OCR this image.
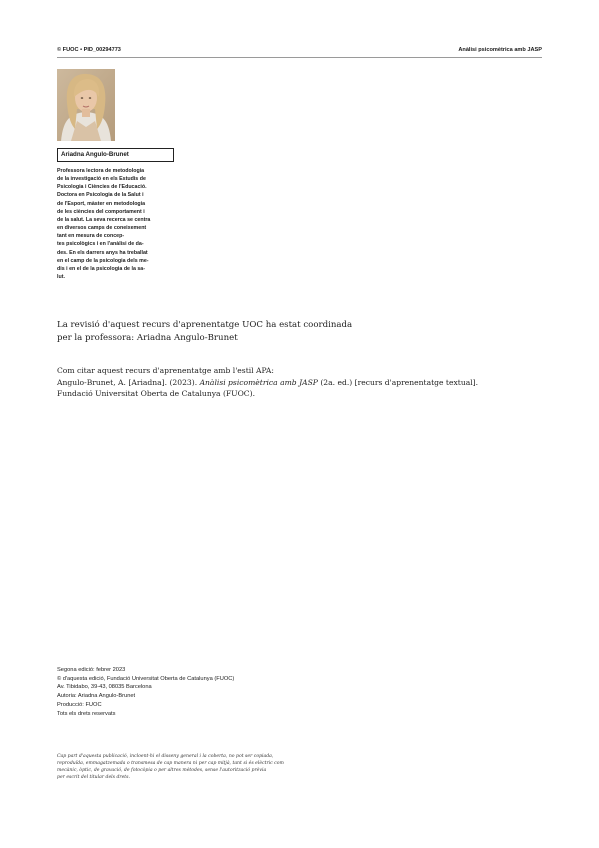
© FUOC • PID_00294773	Anàlisi psicomètrica amb JASP
Ariadna Angulo-Brunet

Professora lectora de metodologia
de la investigació en els Estudis de
Psicologia i Ciències de l'Educació.
Doctora en Psicologia de la Salut i
de l'Esport, màster en metodologia
de les ciències del comportament i
de la salut. La seva recerca se centra
en diversos camps de coneixement
tant en mesura de concep-
tes psicològics i en l'anàlisi de da-
des. En els darrers anys ha treballat
en el camp de la psicologia dels me-
dis i en el de la psicologia de la sa-
lut.

La revisió d'aquest recurs d'aprenentatge UOC ha estat coordinada
per la professora: Ariadna Angulo-Brunet

Com citar aquest recurs d'aprenentatge amb l'estil APA:
Angulo-Brunet, A. [Ariadna]. (2023). Anàlisi psicomètrica amb JASP (2a. ed.) [recurs d'aprenentatge textual].
Fundació Universitat Oberta de Catalunya (FUOC).

Segona edició: febrer 2023
© d'aquesta edició, Fundació Universitat Oberta de Catalunya (FUOC)
Av. Tibidabo, 39-43, 08035 Barcelona
Autoria: Ariadna Angulo-Brunet
Producció: FUOC
Tots els drets reservats

Cap part d'aquesta publicació, incloent-hi el disseny general i la coberta, no pot ser copiada,
reproduïda, emmagatzemada o transmesa de cap manera ni per cap mitjà, tant si és elèctric com
mecànic, òptic, de gravació, de fotocòpia o per altres mètodes, sense l'autorització prèvia
per escrit del titular dels drets.
